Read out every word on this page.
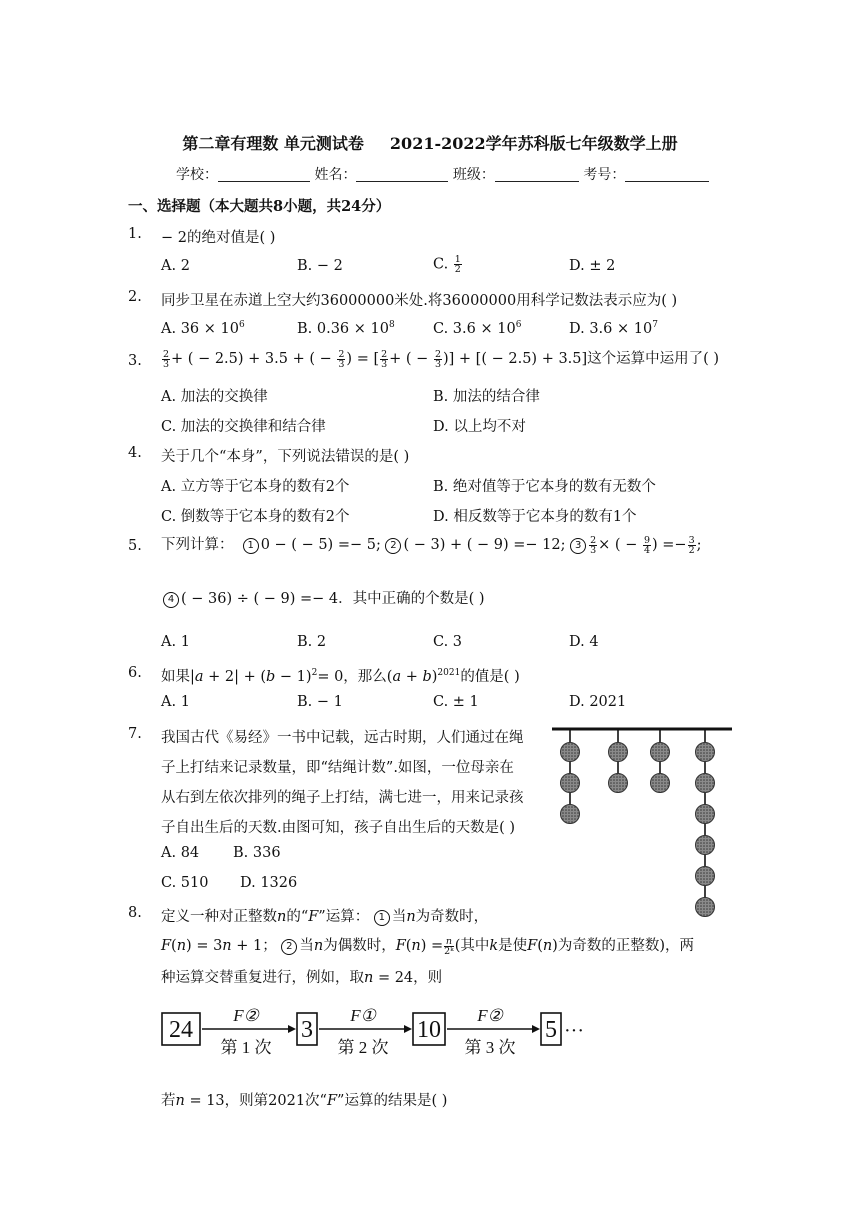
第二章有理数 单元测试卷 2021-2022学年苏科版七年级数学上册
学校：	姓名：	班级：	考号：
一、选择题（本大题共8小题，共24分）
1. − 2的绝对值是( )
A. 2	B. − 2	C. $\frac{1}{2}$	D. ± 2
2. 同步卫星在赤道上空大约36000000米处.将36000000用科学记数法表示应为( )
A. $36 \times 10^6$	B. $0.36 \times 10^8$	C. $3.6 \times 10^6$	D. $3.6 \times 10^7$
3. $\frac{2}{3}$ + ( − 2.5) + 3.5 + ( − $\frac{2}{3}$ ) = [ $\frac{2}{3}$ + ( − $\frac{2}{3}$ )] + [( − 2.5) + 3.5]这个运算中运用了( )
A. 加法的交换律	B. 加法的结合律
C. 加法的交换律和结合律	D. 以上均不对
4. 关于几个“本身”，下列说法错误的是( )
A. 立方等于它本身的数有2个	B. 绝对值等于它本身的数有无数个
C. 倒数等于它本身的数有2个	D. 相反数等于它本身的数有1个
5. 下列计算： 1 0 − ( − 5) =− 5; 2 ( − 3) + ( − 9) =− 12; $3 \frac{2}{3}$ × ( − $\frac{9}{4}$ ) =− $\frac{3}{2}$ ;
4 ( − 36) ÷ ( − 9) =− 4．其中正确的个数是( )
A. 1	B. 2	C. 3	D. 4
6. 如果|𝑎 + 2| + (𝑏 − 1)$^2$= 0，那么(𝑎 + 𝑏)$^{2021}$的值是( )
A. 1	B. − 1	C. ± 1	D. 2021
7. 我国古代《易经》一书中记载，远古时期，人们通过在绳
子上打结来记录数量，即“结绳计数”.如图，一位母亲在
从右到左依次排列的绳子上打结，满七进一，用来记录孩
子自出生后的天数.由图可知，孩子自出生后的天数是( )
A. 84 B. 336
C. 510 D. 1326
8. 定义一种对正整数𝑛的“𝐹”运算： 1 当𝑛为奇数时，
𝐹(𝑛) = 3𝑛 + 1； 2 当𝑛为偶数时，𝐹(𝑛) = $\frac{\text{𝑛}}{\text{2ᵏ}}$ (其中𝑘是使𝐹(𝑛)为奇数的正整数)，两
种运算交替重复进行，例如，取𝑛 = 24，则
24
F②
第 1 次
3
F①
第 2 次
10
F②
第 3 次
5 ···
若𝑛 = 13，则第2021次“𝐹”运算的结果是( )
